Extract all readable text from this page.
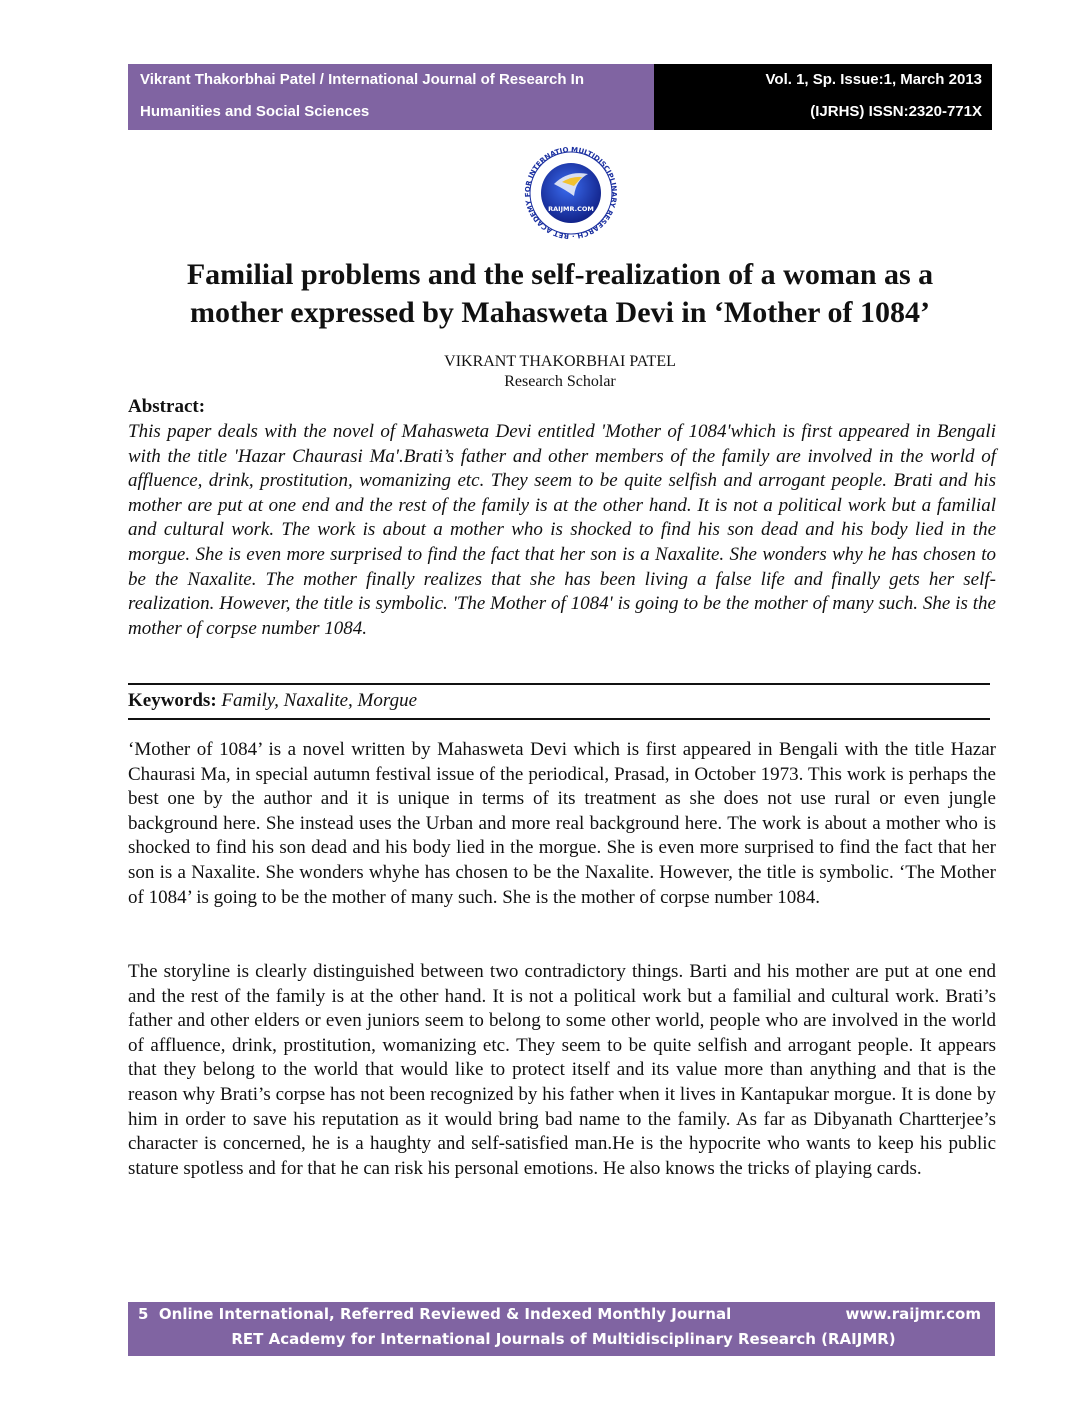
Vikrant Thakorbhai Patel / International Journal of Research In
Humanities and Social Sciences
Vol. 1, Sp. Issue:1, March 2013
(IJRHS) ISSN:2320-771X
MULTIDISCIPLINARY RESEARCH · RET ACADEMY FOR INTERNATIO
RAIJMR.COM
Familial problems and the self-realization of a woman as a
mother expressed by Mahasweta Devi in ‘Mother of 1084’
VIKRANT THAKORBHAI PATEL
Research Scholar
Abstract:
This paper deals with the novel of Mahasweta Devi entitled 'Mother of 1084'which is first appeared in Bengali with the title 'Hazar Chaurasi Ma'.Brati’s father and other members of the family are involved in the world of affluence, drink, prostitution, womanizing etc. They seem to be quite selfish and arrogant people. Brati and his mother are put at one end and the rest of the family is at the other hand. It is not a political work but a familial and cultural work. The work is about a mother who is shocked to find his son dead and his body lied in the morgue. She is even more surprised to find the fact that her son is a Naxalite. She wonders why he has chosen to be the Naxalite. The mother finally realizes that she has been living a false life and finally gets her self- realization. However, the title is symbolic. 'The Mother of 1084' is going to be the mother of many such. She is the mother of corpse number 1084.
Keywords: Family, Naxalite, Morgue
‘Mother of 1084’ is a novel written by Mahasweta Devi which is first appeared in Bengali with the title Hazar Chaurasi Ma, in special autumn festival issue of the periodical, Prasad, in October 1973. This work is perhaps the best one by the author and it is unique in terms of its treatment as she does not use rural or even jungle background here. She instead uses the Urban and more real background here. The work is about a mother who is shocked to find his son dead and his body lied in the morgue. She is even more surprised to find the fact that her son is a Naxalite. She wonders whyhe has chosen to be the Naxalite. However, the title is symbolic. ‘The Mother of 1084’ is going to be the mother of many such. She is the mother of corpse number 1084.
The storyline is clearly distinguished between two contradictory things. Barti and his mother are put at one end and the rest of the family is at the other hand. It is not a political work but a familial and cultural work. Brati’s father and other elders or even juniors seem to belong to some other world, people who are involved in the world of affluence, drink, prostitution, womanizing etc. They seem to be quite selfish and arrogant people. It appears that they belong to the world that would like to protect itself and its value more than anything and that is the reason why Brati’s corpse has not been recognized by his father when it lives in Kantapukar morgue. It is done by him in order to save his reputation as it would bring bad name to the family. As far as Dibyanath Chartterjee’s character is concerned, he is a haughty and self-satisfied man.He is the hypocrite who wants to keep his public stature spotless and for that he can risk his personal emotions. He also knows the tricks of playing cards.
5 Online International, Referred Reviewed & Indexed Monthly Journal	www.raijmr.com
RET Academy for International Journals of Multidisciplinary Research (RAIJMR)
